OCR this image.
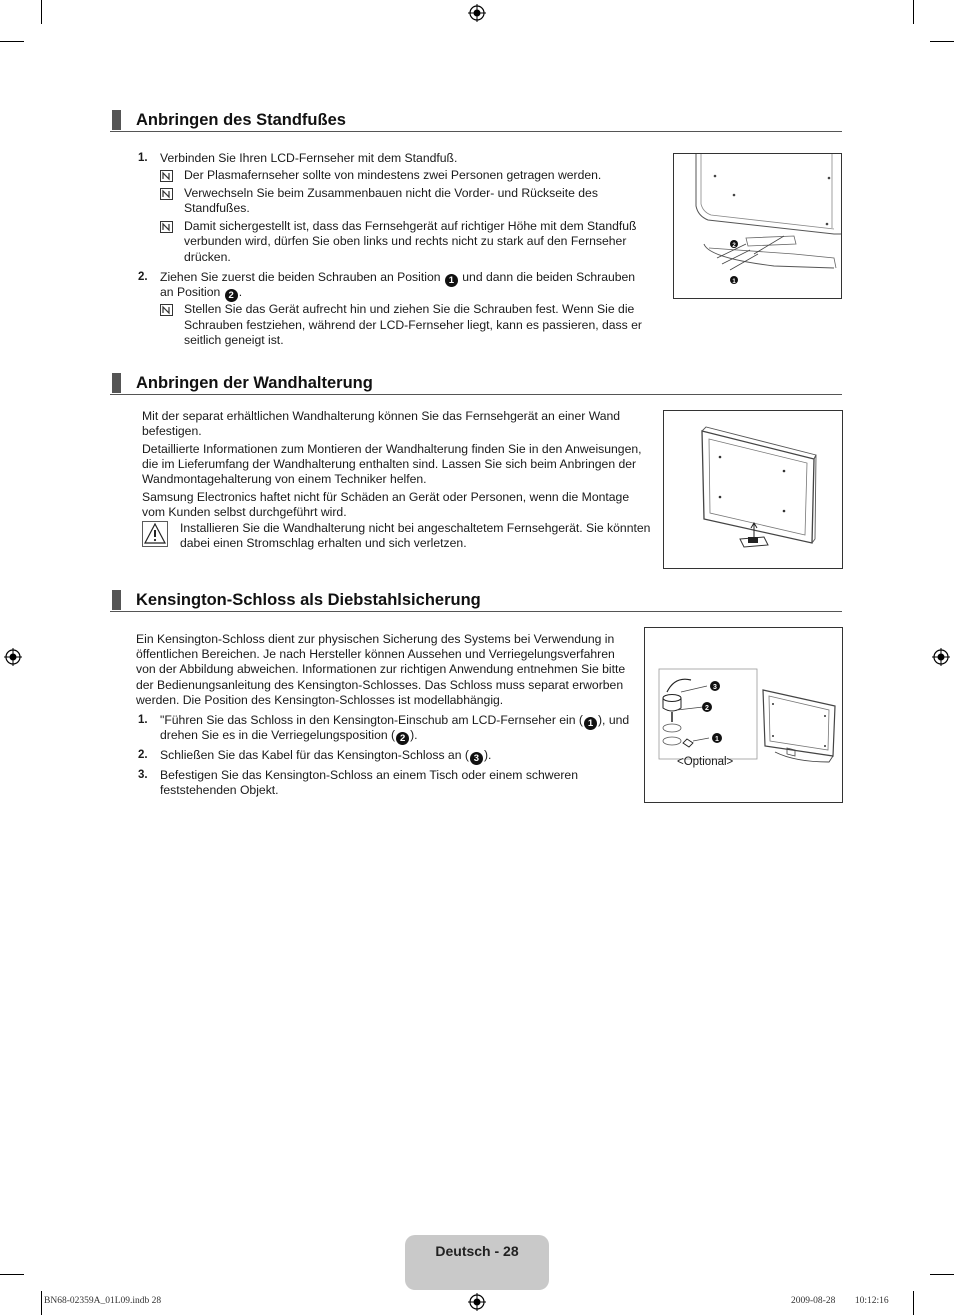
Anbringen des Standfußes
1. Verbinden Sie Ihren LCD-Fernseher mit dem Standfuß.
Der Plasmafernseher sollte von mindestens zwei Personen getragen werden.
Verwechseln Sie beim Zusammenbauen nicht die Vorder- und Rückseite des
Standfußes.
Damit sichergestellt ist, dass das Fernsehgerät auf richtiger Höhe mit dem Standfuß
verbunden wird, dürfen Sie oben links und rechts nicht zu stark auf den Fernseher
drücken.
2. Ziehen Sie zuerst die beiden Schrauben an Position 1 und dann die beiden Schrauben
an Position 2 .
Stellen Sie das Gerät aufrecht hin und ziehen Sie die Schrauben fest. Wenn Sie die
Schrauben festziehen, während der LCD-Fernseher liegt, kann es passieren, dass er
seitlich geneigt ist.
2
1
Anbringen der Wandhalterung
Mit der separat erhältlichen Wandhalterung können Sie das Fernsehgerät an einer Wand
befestigen.
Detaillierte Informationen zum Montieren der Wandhalterung finden Sie in den Anweisungen,
die im Lieferumfang der Wandhalterung enthalten sind. Lassen Sie sich beim Anbringen der
Wandmontagehalterung von einem Techniker helfen.
Samsung Electronics haftet nicht für Schäden an Gerät oder Personen, wenn die Montage
vom Kunden selbst durchgeführt wird.
Installieren Sie die Wandhalterung nicht bei angeschaltetem Fernsehgerät. Sie könnten
dabei einen Stromschlag erhalten und sich verletzen.
Kensington-Schloss als Diebstahlsicherung
Ein Kensington-Schloss dient zur physischen Sicherung des Systems bei Verwendung in
öffentlichen Bereichen. Je nach Hersteller können Aussehen und Verriegelungsverfahren
von der Abbildung abweichen. Informationen zur richtigen Anwendung entnehmen Sie bitte
der Bedienungsanleitung des Kensington-Schlosses. Das Schloss muss separat erworben
werden. Die Position des Kensington-Schlosses ist modellabhängig.
1. "Führen Sie das Schloss in den Kensington-Einschub am LCD-Fernseher ein ( 1 ), und
drehen Sie es in die Verriegelungsposition ( 2 ).
2. Schließen Sie das Kabel für das Kensington-Schloss an ( 3 ).
3. Befestigen Sie das Kensington-Schloss an einem Tisch oder einem schweren
feststehenden Objekt.
3
2
1
<Optional>
Deutsch - 28
BN68-02359A_01L09.indb 28	2009-08-28 ￿￿ 10:12:16
